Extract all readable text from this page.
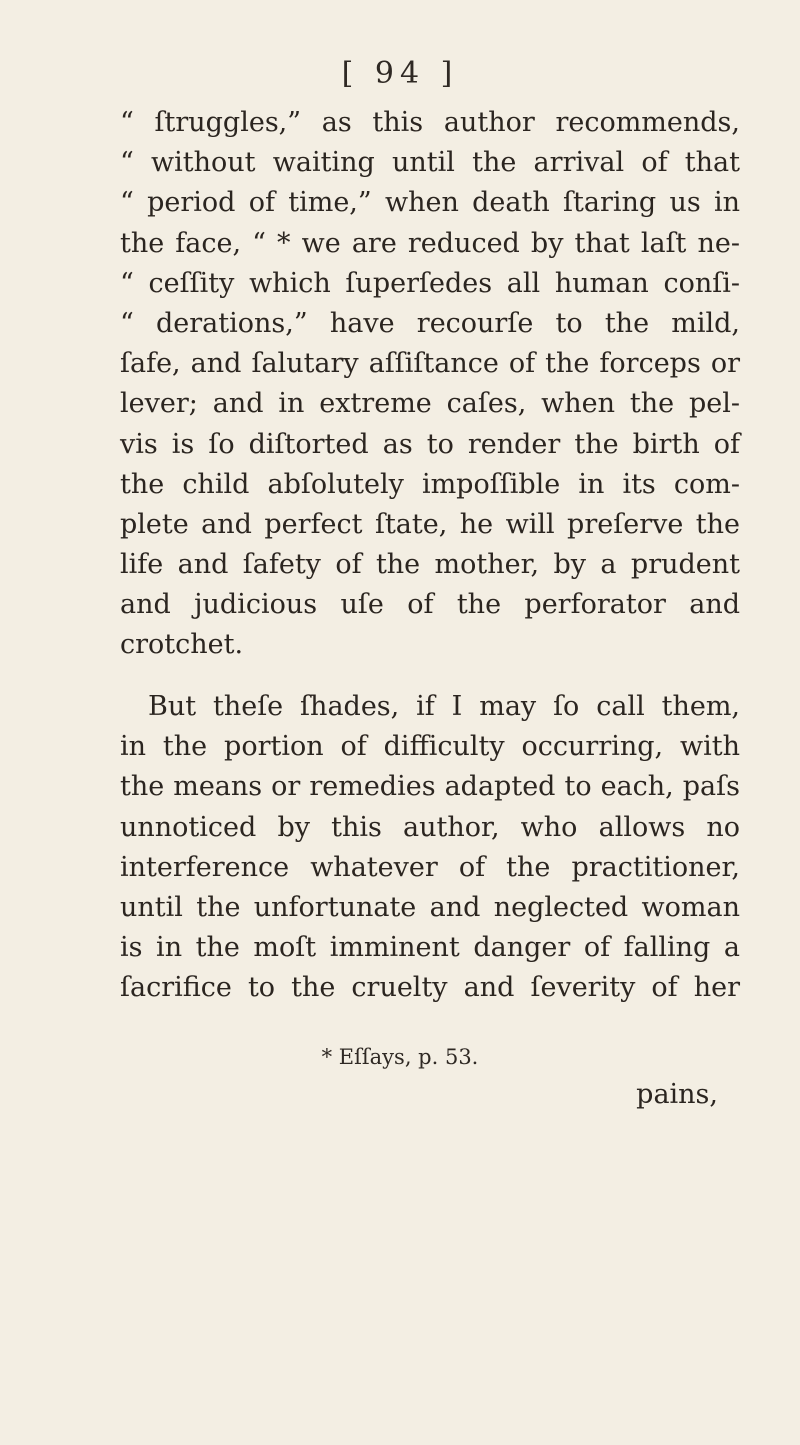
[ 94 ]
“ ſtruggles,” as this author recommends,
“ without waiting until the arrival of that
“ period of time,” when death ſtaring us in
the face, “ * we are reduced by that laſt ne-
“ ceſſity which ſuperſedes all human conſi-
“ derations,” have recourſe to the mild,
ſafe, and ſalutary aſſiſtance of the forceps or
lever; and in extreme caſes, when the pel-
vis is ſo diſtorted as to render the birth of
the child abſolutely impoſſible in its com-
plete and perfect ſtate, he will preſerve the
life and ſafety of the mother, by a prudent
and judicious uſe of the perforator and
crotchet.
But theſe ſhades, if I may ſo call them,
in the portion of difficulty occurring, with
the means or remedies adapted to each, paſs
unnoticed by this author, who allows no
interference whatever of the practitioner,
until the unfortunate and neglected woman
is in the moſt imminent danger of falling a
ſacrifice to the cruelty and ſeverity of her
* Eſſays, p. 53.
pains,
